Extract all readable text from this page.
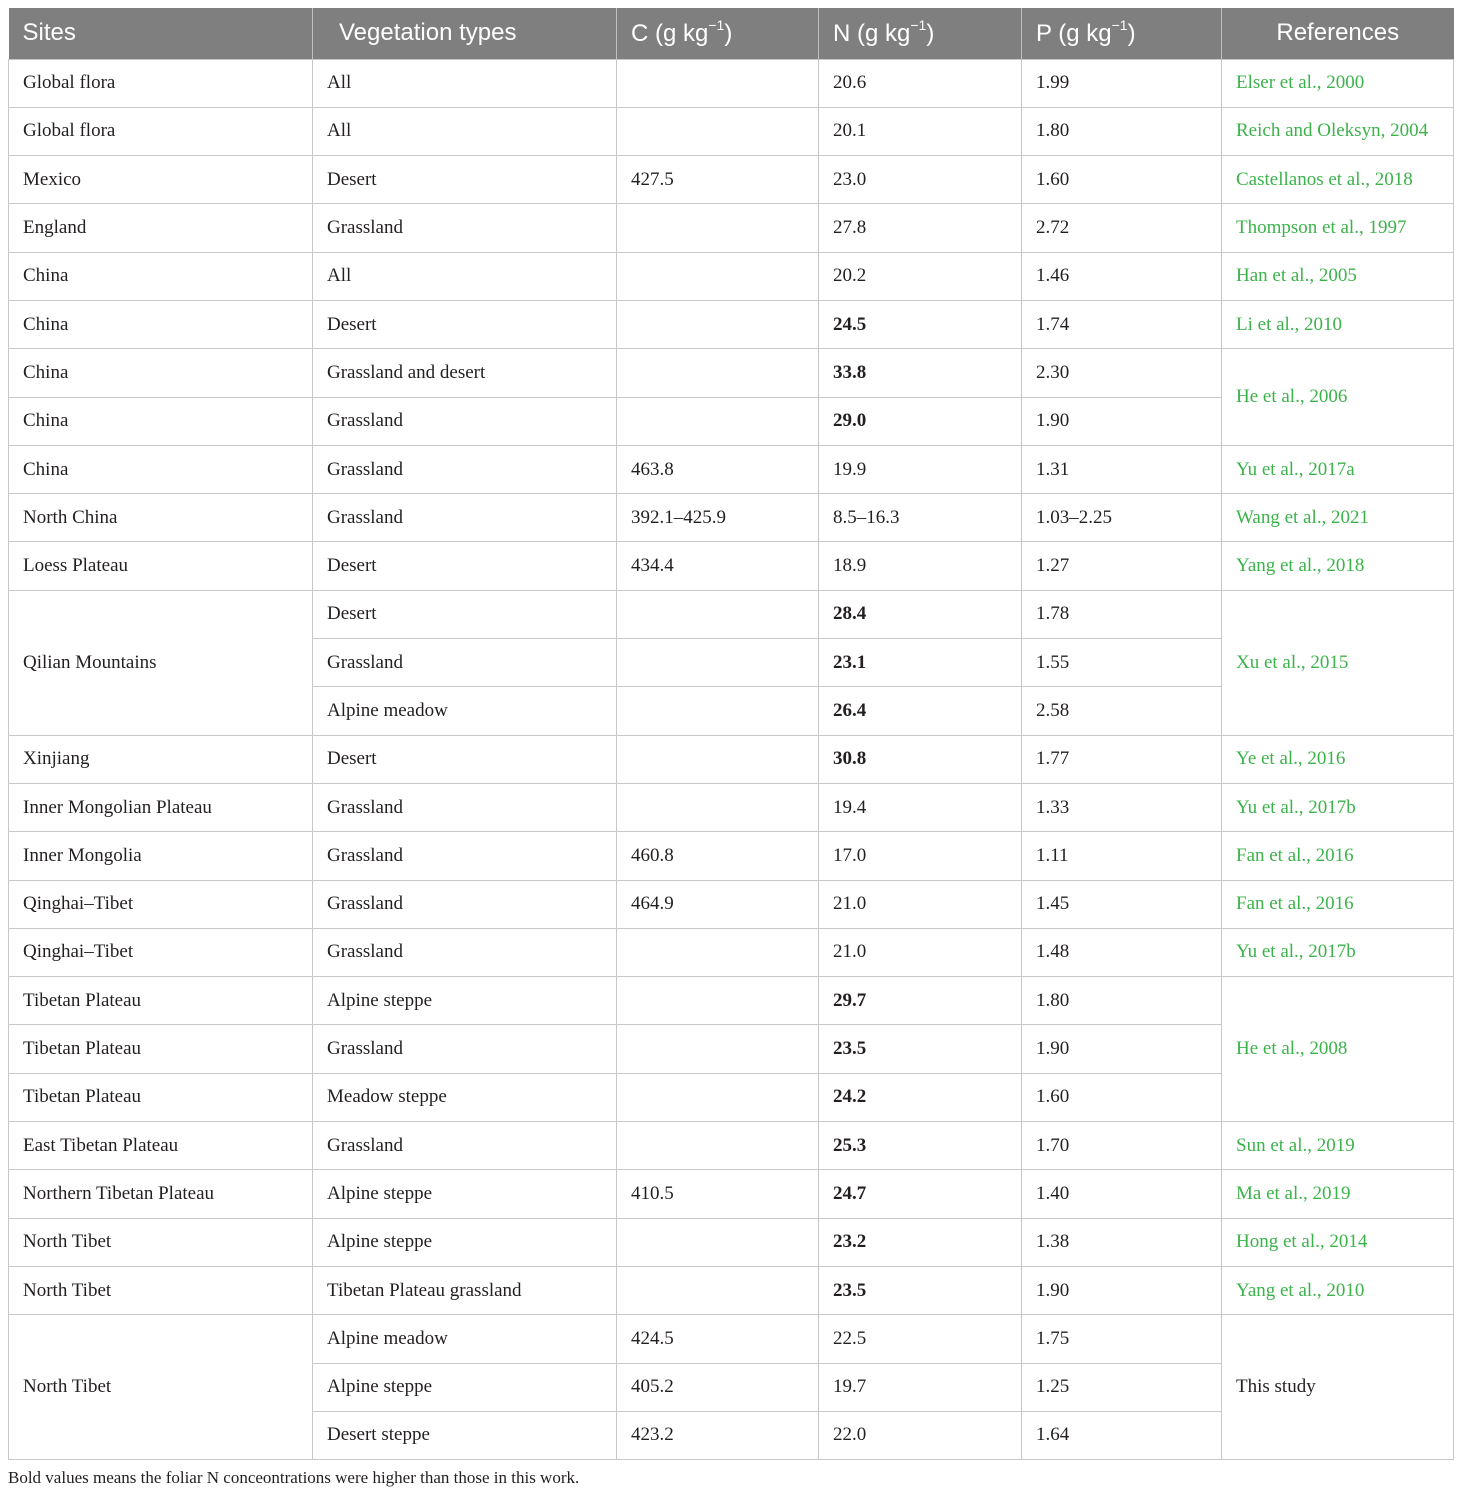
Sites	Vegetation types	C (g $kg^{-1}$)	N (g $kg^{-1}$)	P (g $kg^{-1}$)	References
Global flora	All		20.6	1.99	Elser et al., 2000
Global flora	All		20.1	1.80	Reich and Oleksyn, 2004
Mexico	Desert	427.5	23.0	1.60	Castellanos et al., 2018
England	Grassland		27.8	2.72	Thompson et al., 1997
China	All		20.2	1.46	Han et al., 2005
China	Desert		24.5	1.74	Li et al., 2010
China	Grassland and desert		33.8	2.30	He et al., 2006
China	Grassland		29.0	1.90	
China	Grassland	463.8	19.9	1.31	Yu et al., 2017a
North China	Grassland	392.1–425.9	8.5–16.3	1.03–2.25	Wang et al., 2021
Loess Plateau	Desert	434.4	18.9	1.27	Yang et al., 2018
Qilian Mountains	Desert		28.4	1.78	Xu et al., 2015
	Grassland		23.1	1.55	
	Alpine meadow		26.4	2.58	
Xinjiang	Desert		30.8	1.77	Ye et al., 2016
Inner Mongolian Plateau	Grassland		19.4	1.33	Yu et al., 2017b
Inner Mongolia	Grassland	460.8	17.0	1.11	Fan et al., 2016
Qinghai–Tibet	Grassland	464.9	21.0	1.45	Fan et al., 2016
Qinghai–Tibet	Grassland		21.0	1.48	Yu et al., 2017b
Tibetan Plateau	Alpine steppe		29.7	1.80	He et al., 2008
Tibetan Plateau	Grassland		23.5	1.90	
Tibetan Plateau	Meadow steppe		24.2	1.60	
East Tibetan Plateau	Grassland		25.3	1.70	Sun et al., 2019
Northern Tibetan Plateau	Alpine steppe	410.5	24.7	1.40	Ma et al., 2019
North Tibet	Alpine steppe		23.2	1.38	Hong et al., 2014
North Tibet	Tibetan Plateau grassland		23.5	1.90	Yang et al., 2010
North Tibet	Alpine meadow	424.5	22.5	1.75	This study
	Alpine steppe	405.2	19.7	1.25	
	Desert steppe	423.2	22.0	1.64	
Bold values means the foliar N conceontrations were higher than those in this work.
